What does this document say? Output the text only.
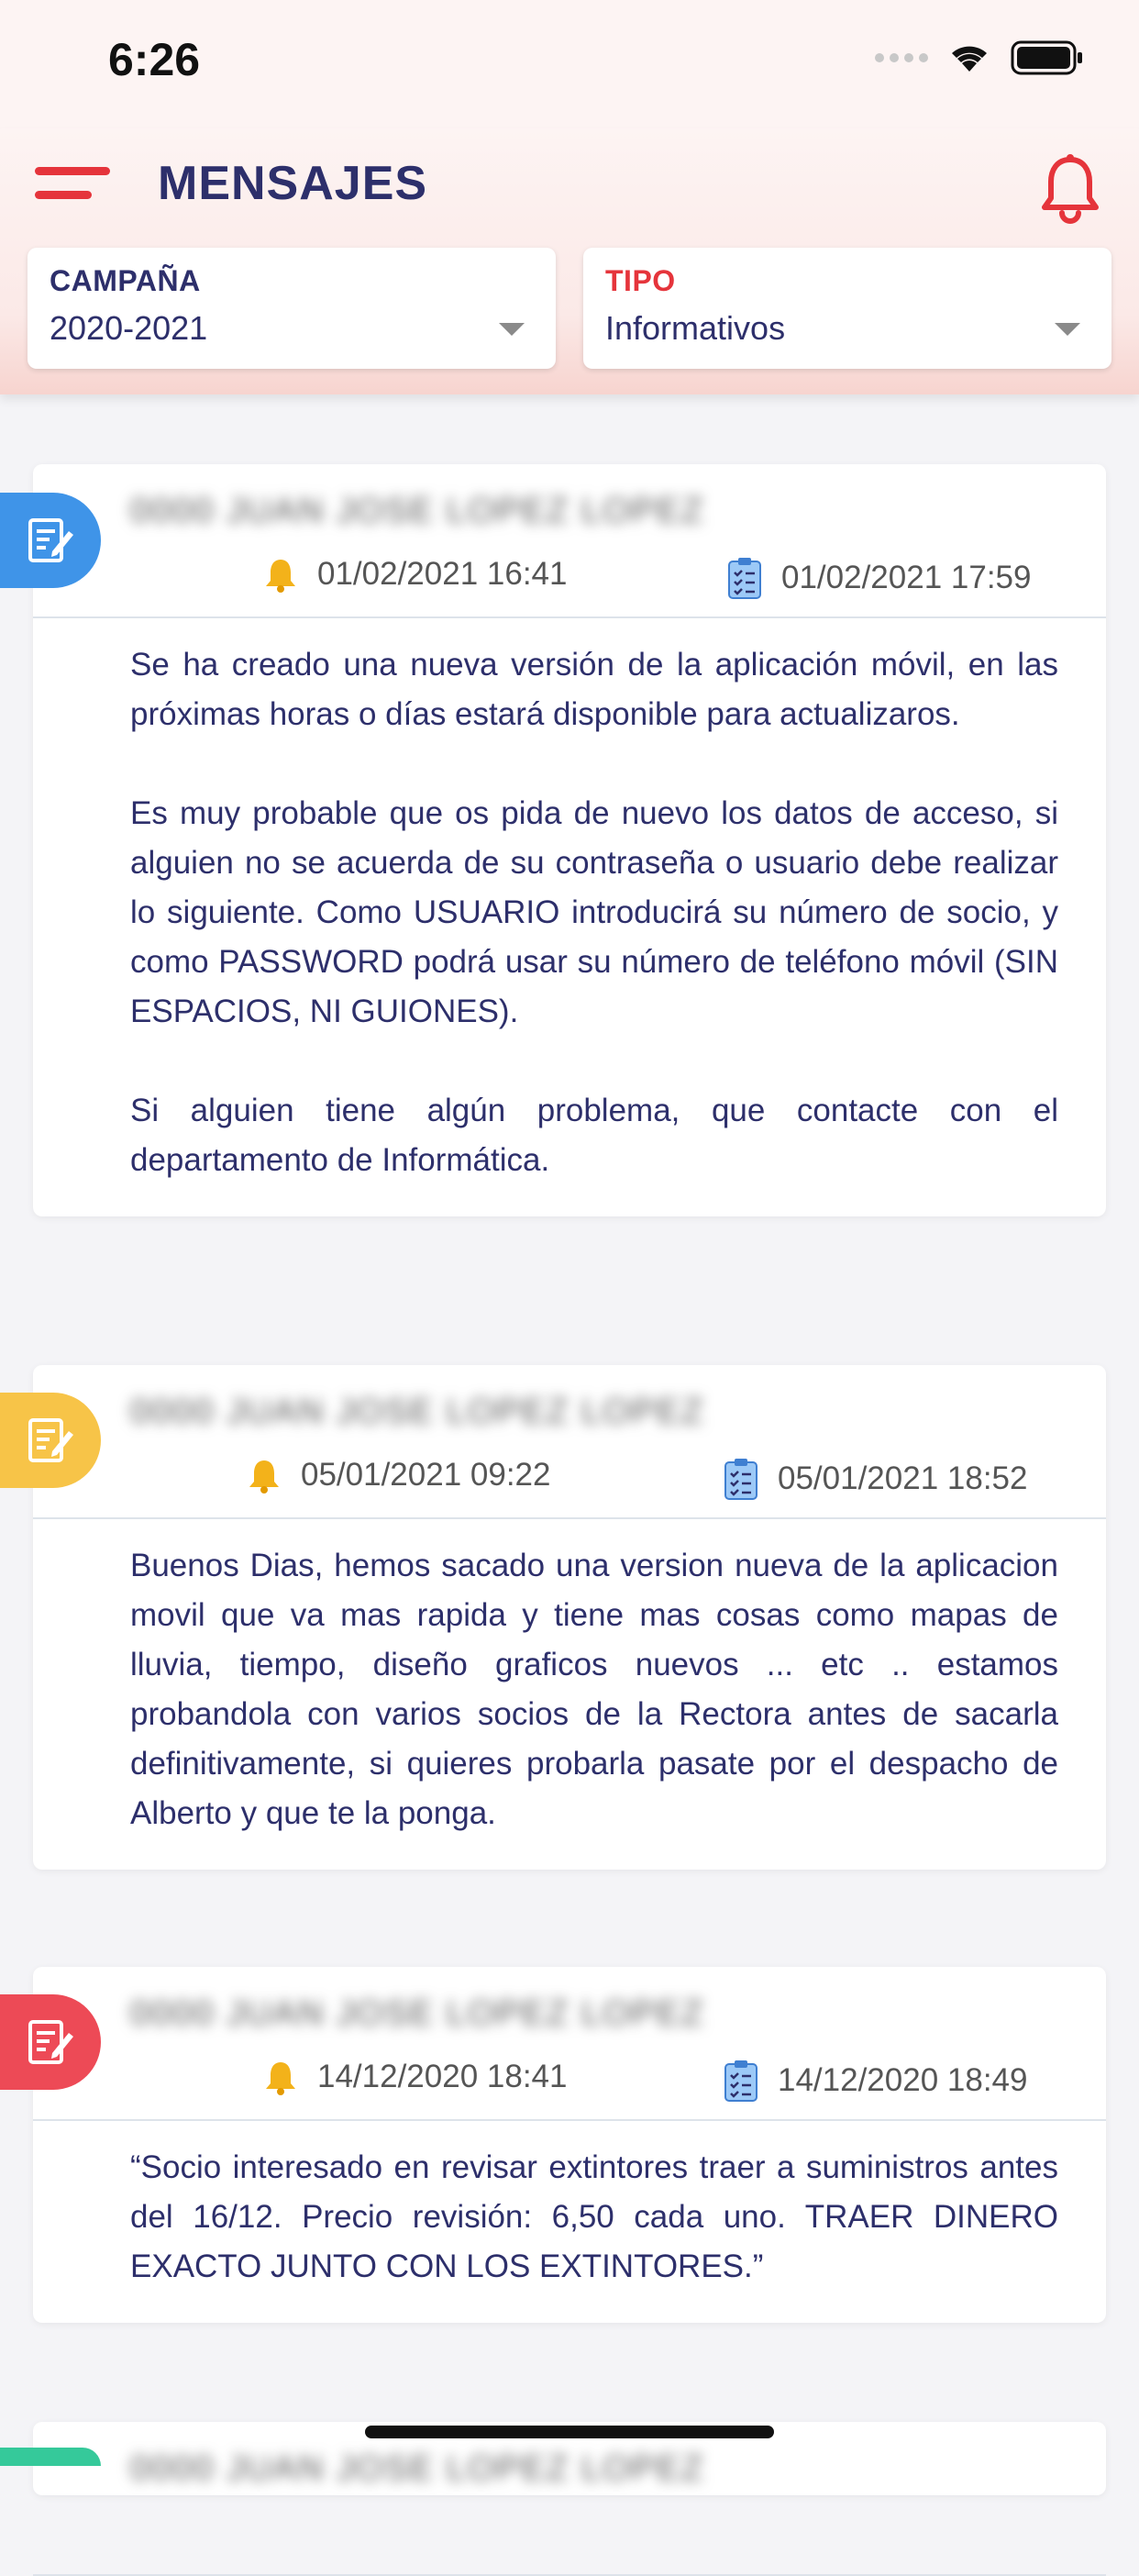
6:26
MENSAJES
CAMPAÑA
2020-2021
TIPO
Informativos
0000 JUAN JOSE LOPEZ LOPEZ
01/02/2021 16:41	01/02/2021 17:59

Se ha creado una nueva versión de la aplicación móvil, en las próximas horas o días estará disponible para actualizaros.

Es muy probable que os pida de nuevo los datos de acceso, si alguien no se acuerda de su contraseña o usuario debe realizar lo siguiente. Como USUARIO introducirá su número de socio, y como PASSWORD podrá usar su número de teléfono móvil (SIN ESPACIOS, NI GUIONES).

Si alguien tiene algún problema, que contacte con el departamento de Informática.

0000 JUAN JOSE LOPEZ LOPEZ
05/01/2021 09:22	05/01/2021 18:52

Buenos Dias, hemos sacado una version nueva de la aplicacion movil que va mas rapida y tiene mas cosas como mapas de lluvia, tiempo, diseño graficos nuevos ... etc .. estamos probandola con varios socios de la Rectora antes de sacarla definitivamente, si quieres probarla pasate por el despacho de Alberto y que te la ponga.

0000 JUAN JOSE LOPEZ LOPEZ
14/12/2020 18:41	14/12/2020 18:49

“Socio interesado en revisar extintores traer a suministros antes del 16/12. Precio revisión: 6,50 cada uno. TRAER DINERO EXACTO JUNTO CON LOS EXTINTORES.”

0000 JUAN JOSE LOPEZ LOPEZ
